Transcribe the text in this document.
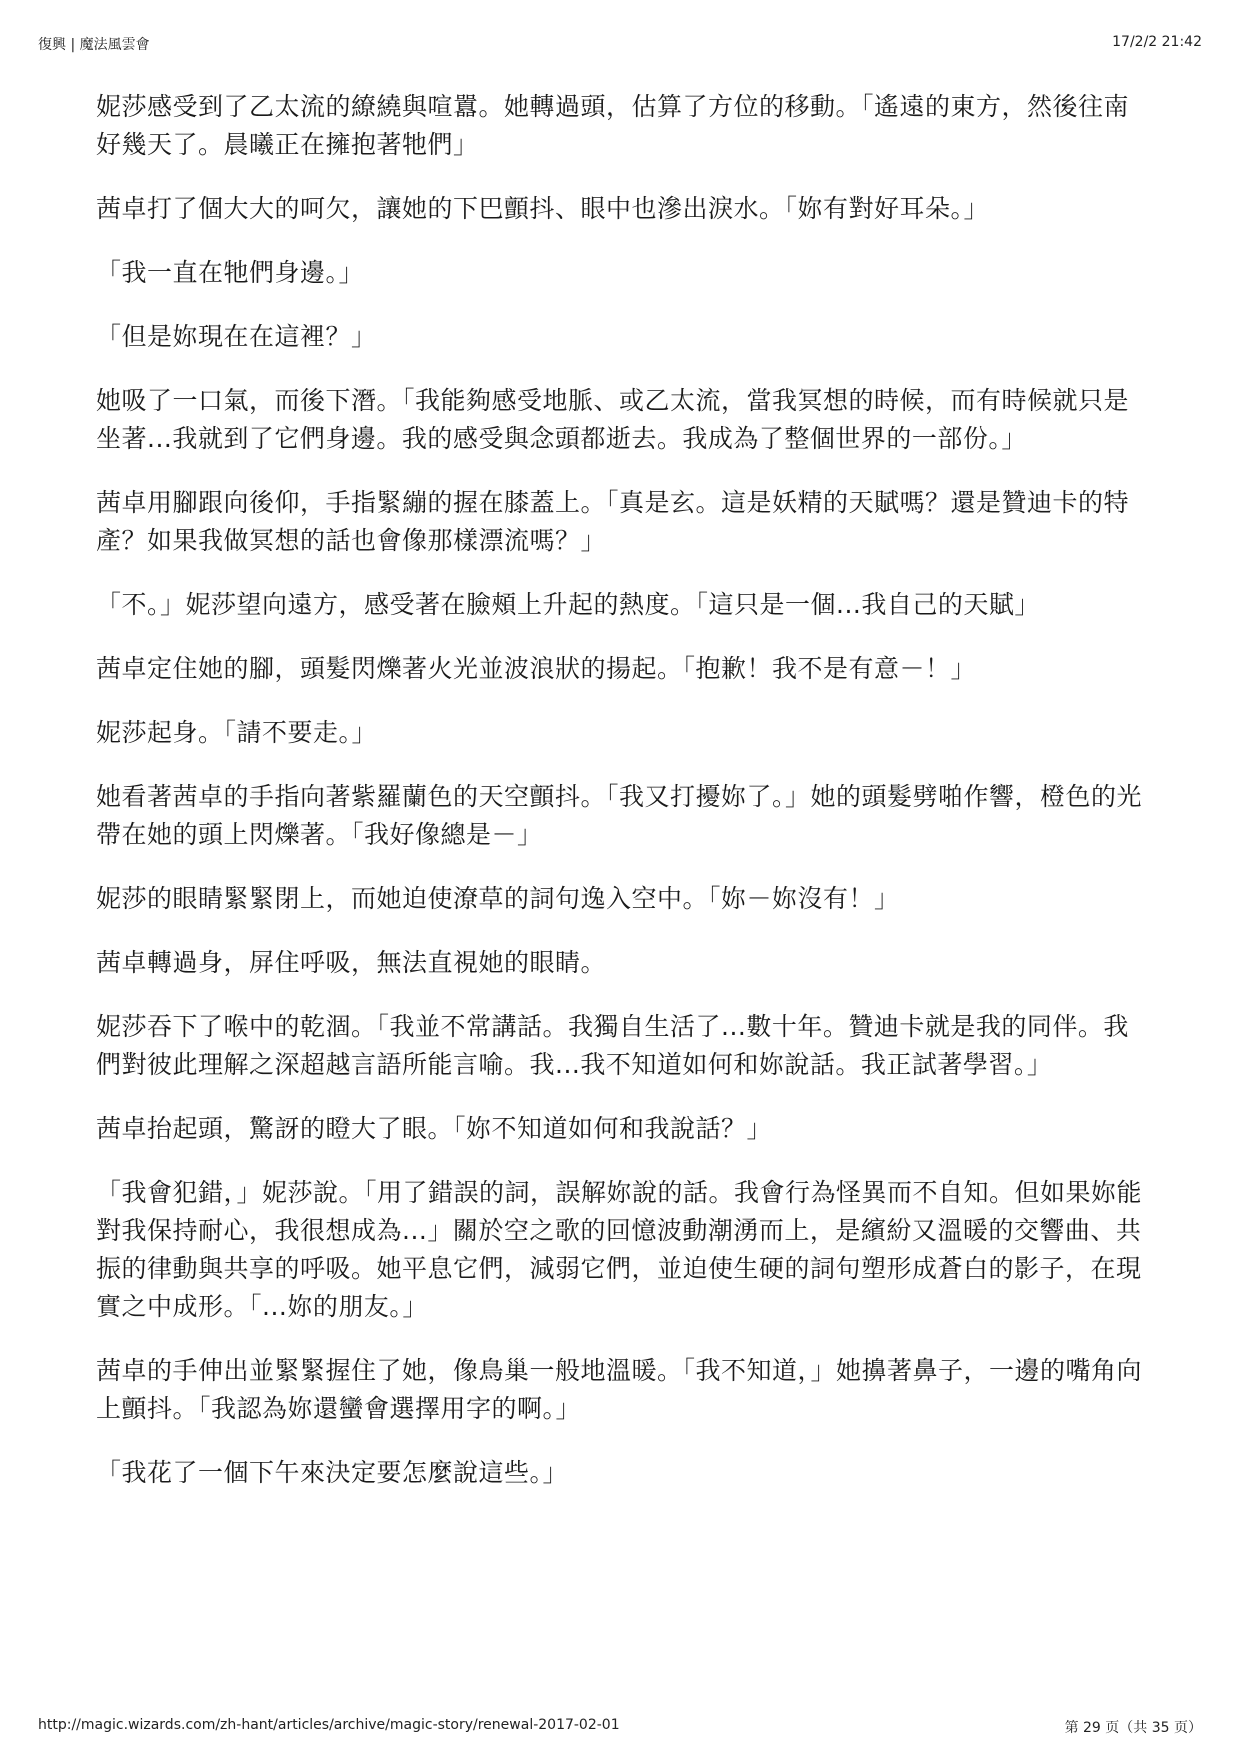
復興 | 魔法風雲會	17/2/2 21:42

妮莎感受到了乙太流的繚繞與喧囂。她轉過頭，估算了方位的移動。「遙遠的東方，然後往南好幾天了。晨曦正在擁抱著牠們」

茜卓打了個大大的呵欠，讓她的下巴顫抖、眼中也滲出淚水。「妳有對好耳朵。」

「我一直在牠們身邊。」

「但是妳現在在這裡？」

她吸了一口氣，而後下潛。「我能夠感受地脈、或乙太流，當我冥想的時候，而有時候就只是坐著...我就到了它們身邊。我的感受與念頭都逝去。我成為了整個世界的一部份。」

茜卓用腳跟向後仰，手指緊繃的握在膝蓋上。「真是玄。這是妖精的天賦嗎？還是贊迪卡的特產？如果我做冥想的話也會像那樣漂流嗎？」

「不。」妮莎望向遠方，感受著在臉頰上升起的熱度。「這只是一個...我自己的天賦」

茜卓定住她的腳，頭髮閃爍著火光並波浪狀的揚起。「抱歉！我不是有意－！」

妮莎起身。「請不要走。」

她看著茜卓的手指向著紫羅蘭色的天空顫抖。「我又打擾妳了。」她的頭髮劈啪作響，橙色的光帶在她的頭上閃爍著。「我好像總是－」

妮莎的眼睛緊緊閉上，而她迫使潦草的詞句逸入空中。「妳－妳沒有！」

茜卓轉過身，屏住呼吸，無法直視她的眼睛。

妮莎吞下了喉中的乾涸。「我並不常講話。我獨自生活了...數十年。贊迪卡就是我的同伴。我們對彼此理解之深超越言語所能言喻。我...我不知道如何和妳說話。我正試著學習。」

茜卓抬起頭，驚訝的瞪大了眼。「妳不知道如何和我說話？」

「我會犯錯，」妮莎說。「用了錯誤的詞，誤解妳說的話。我會行為怪異而不自知。但如果妳能對我保持耐心，我很想成為...」關於空之歌的回憶波動潮湧而上，是繽紛又溫暖的交響曲、共振的律動與共享的呼吸。她平息它們，減弱它們，並迫使生硬的詞句塑形成蒼白的影子，在現實之中成形。「...妳的朋友。」

茜卓的手伸出並緊緊握住了她，像鳥巢一般地溫暖。「我不知道，」她擤著鼻子，一邊的嘴角向上顫抖。「我認為妳還蠻會選擇用字的啊。」

「我花了一個下午來決定要怎麼說這些。」

http://magic.wizards.com/zh-hant/articles/archive/magic-story/renewal-2017-02-01	第 29 页（共 35 页）
